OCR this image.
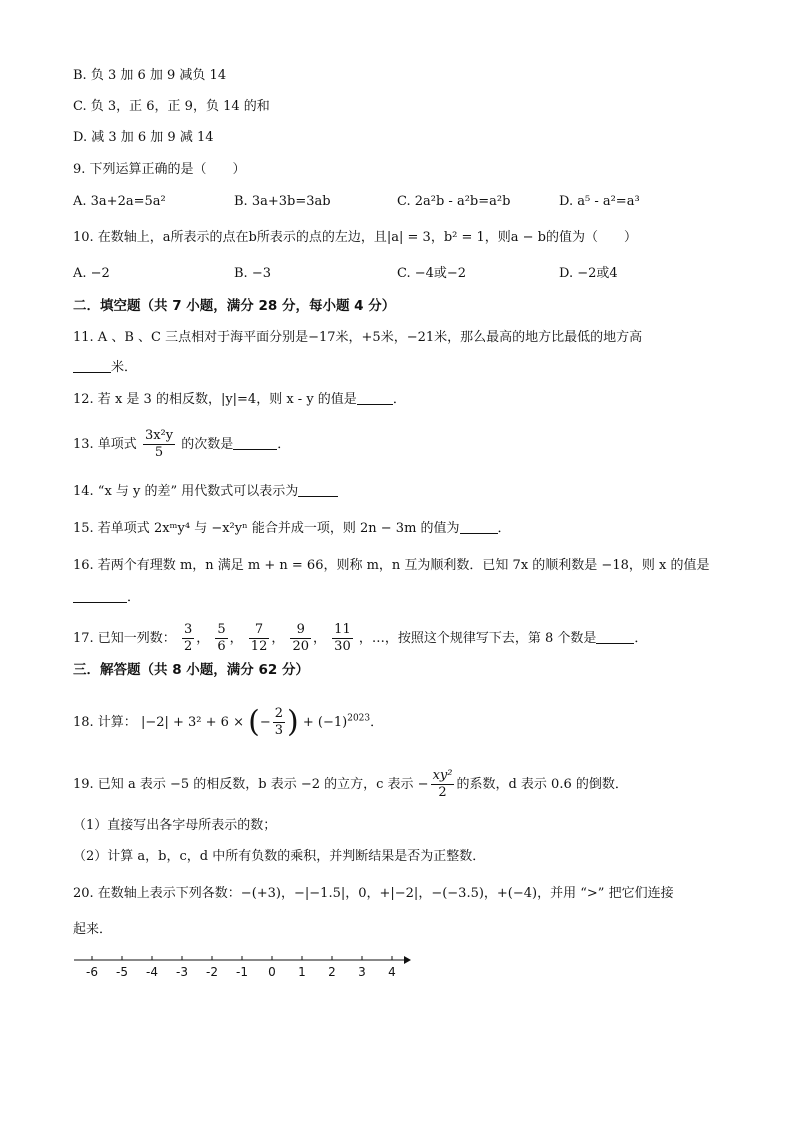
B. 负 3 加 6 加 9 减负 14
C. 负 3，正 6，正 9，负 14 的和
D. 减 3 加 6 加 9 减 14
9. 下列运算正确的是（　　）
A. 3a+2a=5a²	B. 3a+3b=3ab	C. 2a²b - a²b=a²b	D. a⁵ - a²=a³
10. 在数轴上，a所表示的点在b所表示的点的左边，且|a| = 3，b² = 1，则a − b的值为（　　）
A. −2	B. −3	C. −4或−2	D. −2或4
二．填空题（共 7 小题，满分 28 分，每小题 4 分）
11. A 、B 、C 三点相对于海平面分别是−17米，+5米，−21米，那么最高的地方比最低的地方高
米．
12. 若 x 是 3 的相反数，|y|=4，则 x - y 的值是	．
13. 单项式 $\frac{\text{3x²y}}{5}$ 的次数是	．
14. “x 与 y 的差” 用代数式可以表示为
15. 若单项式 2xᵐy⁴ 与 −x²yⁿ 能合并成一项，则 2n − 3m 的值为	．
16. 若两个有理数 m，n 满足 m + n = 66，则称 m，n 互为顺利数．已知 7x 的顺利数是 −18，则 x 的值是
．
17. 已知一列数： $\frac{3}{2}$ ， $\frac{5}{6}$ ， $\frac{7}{12}$ ， $\frac{9}{20}$ ， $\frac{11}{30}$ ，…，按照这个规律写下去，第 8 个数是	．
三．解答题（共 8 小题，满分 62 分）
18. 计算： |−2| + 3² + 6 × (− $\frac{2}{3}$ ) + $(-1)^{2023}$．
19. 已知 a 表示 −5 的相反数，b 表示 −2 的立方，c 表示 − $\frac{\text{xy²}}{2}$ 的系数，d 表示 0.6 的倒数．
（1）直接写出各字母所表示的数；
（2）计算 a，b，c，d 中所有负数的乘积，并判断结果是否为正整数．
20. 在数轴上表示下列各数：−(+3)，−|−1.5|，0，+|−2|，−(−3.5)，+(−4)，并用 “>” 把它们连接
起来．
-6 -5 -4 -3 -2 -1 0 1 2 3 4
